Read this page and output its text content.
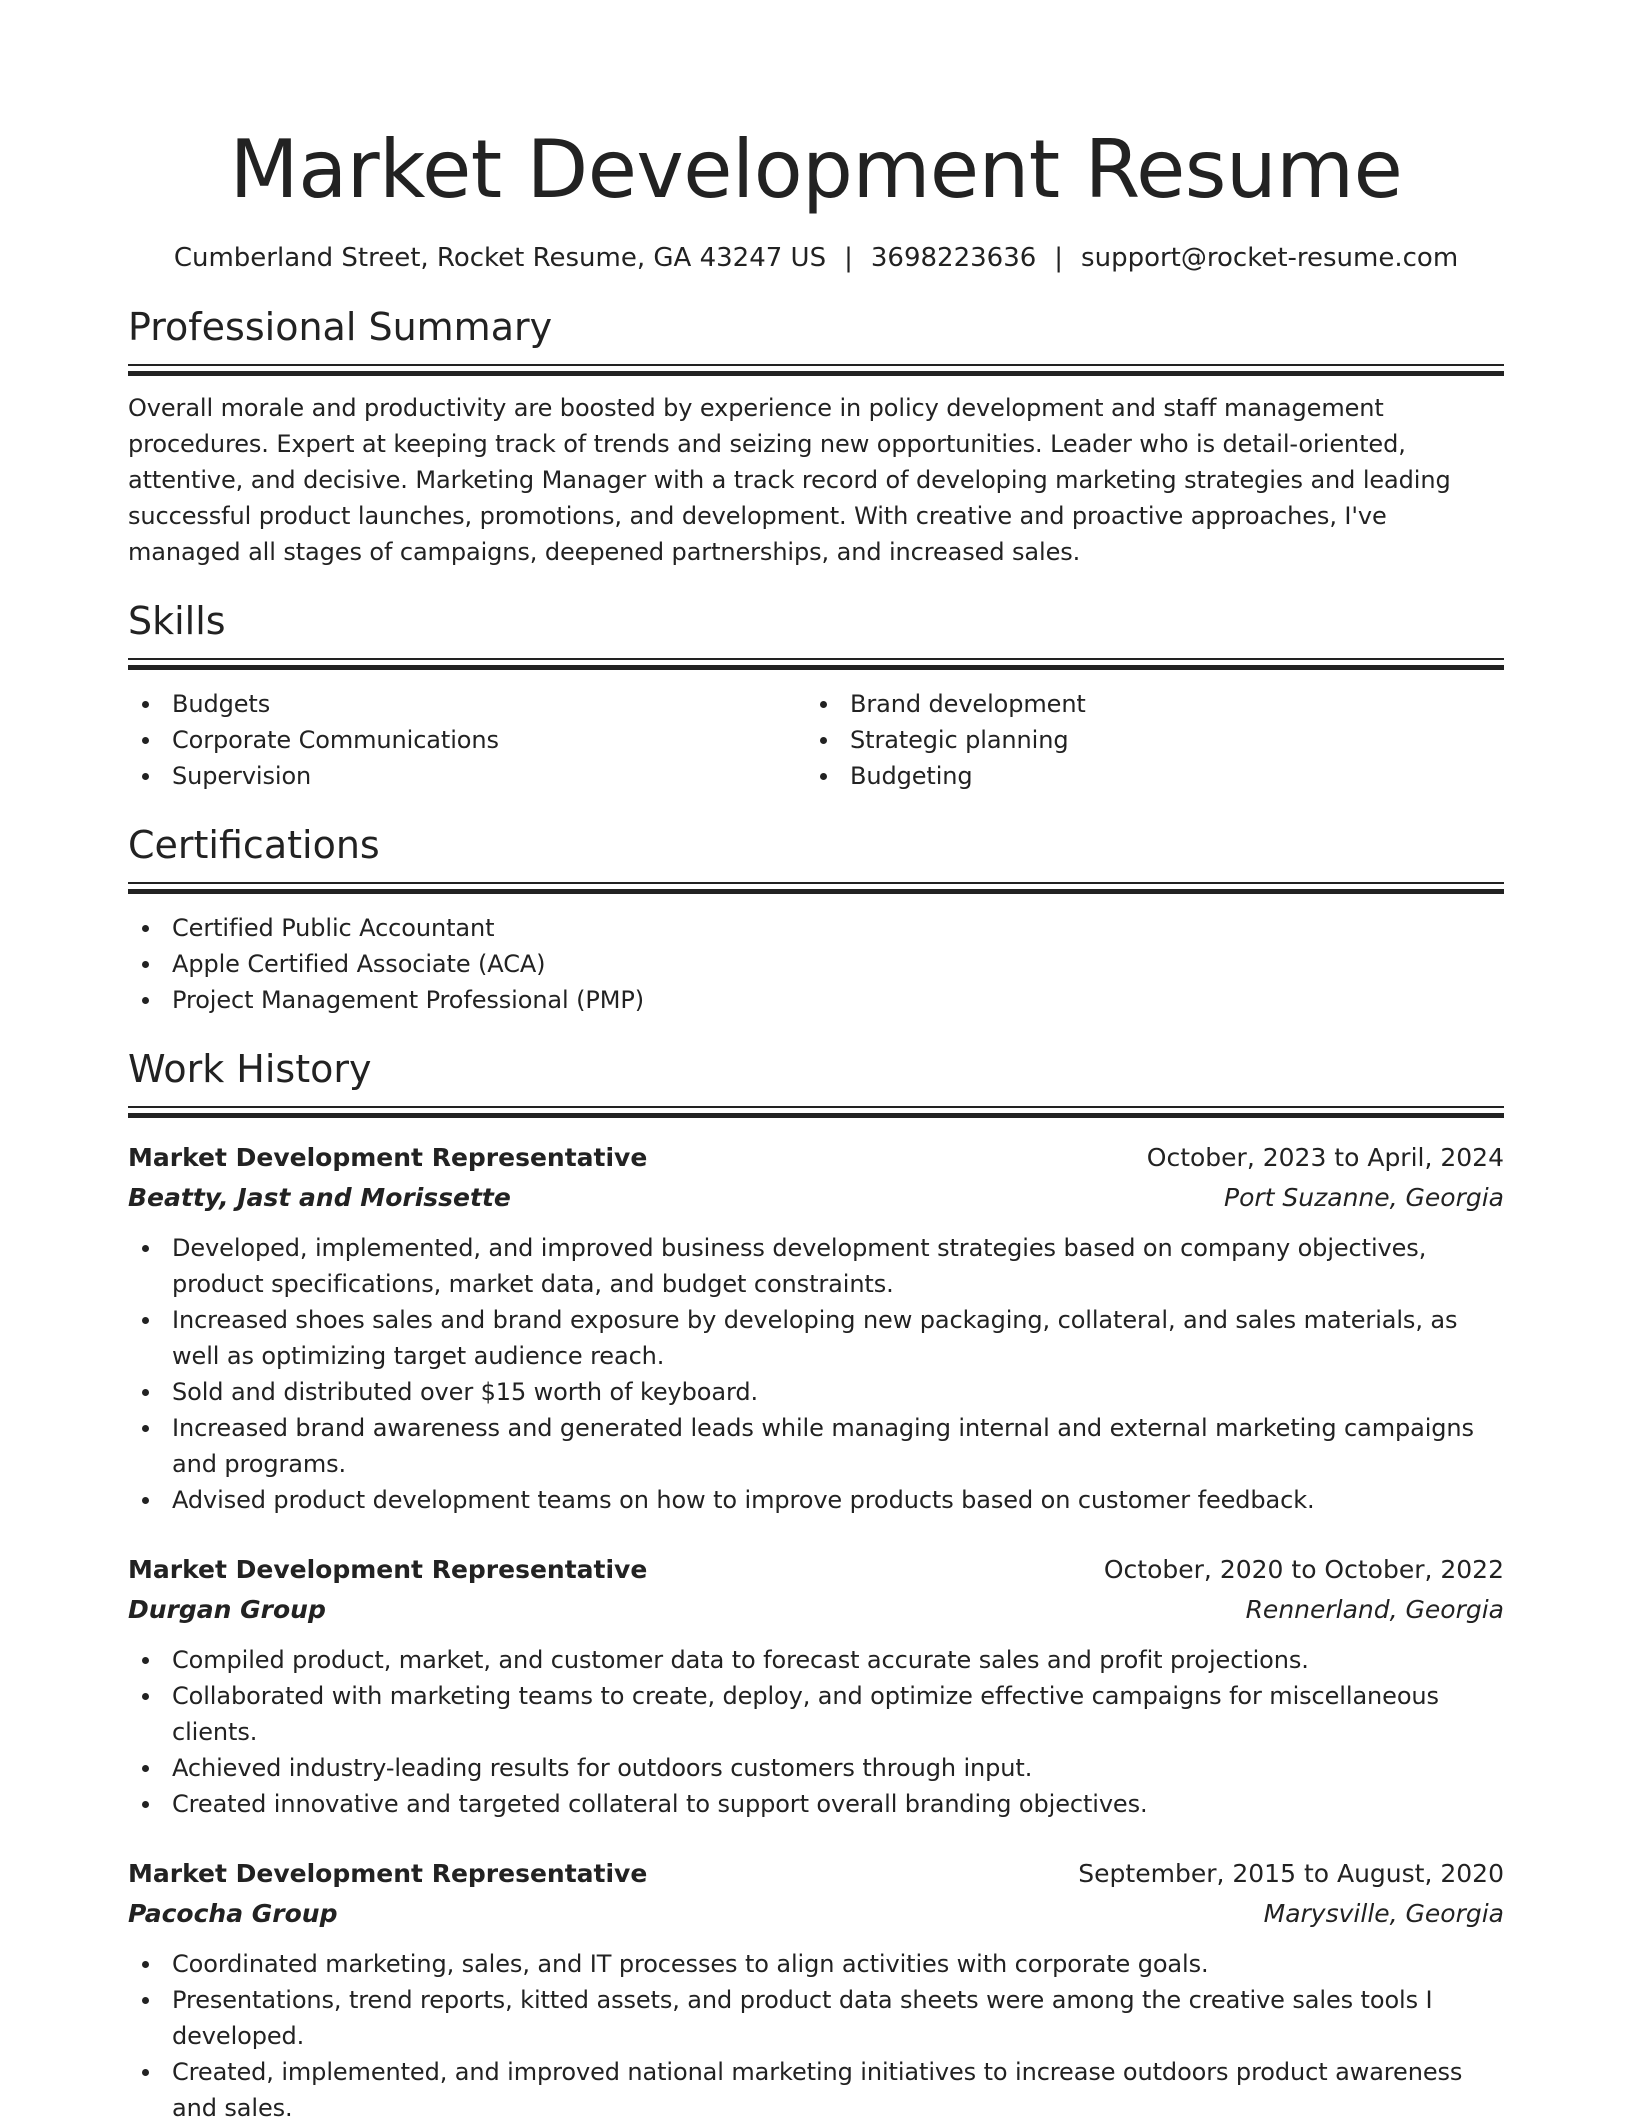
Market Development Resume
Cumberland Street, Rocket Resume, GA 43247 US | 3698223636 | support@rocket-resume.com
Professional Summary
Overall morale and productivity are boosted by experience in policy development and staff management procedures. Expert at keeping track of trends and seizing new opportunities. Leader who is detail-oriented, attentive, and decisive. Marketing Manager with a track record of developing marketing strategies and leading successful product launches, promotions, and development. With creative and proactive approaches, I've managed all stages of campaigns, deepened partnerships, and increased sales.
Skills
Budgets
Corporate Communications
Supervision
Brand development
Strategic planning
Budgeting
Certifications
Certified Public Accountant
Apple Certified Associate (ACA)
Project Management Professional (PMP)
Work History
Market Development Representative	October, 2023 to April, 2024
Beatty, Jast and Morissette	Port Suzanne, Georgia
Developed, implemented, and improved business development strategies based on company objectives, product specifications, market data, and budget constraints.
Increased shoes sales and brand exposure by developing new packaging, collateral, and sales materials, as well as optimizing target audience reach.
Sold and distributed over $15 worth of keyboard.
Increased brand awareness and generated leads while managing internal and external marketing campaigns and programs.
Advised product development teams on how to improve products based on customer feedback.
Market Development Representative	October, 2020 to October, 2022
Durgan Group	Rennerland, Georgia
Compiled product, market, and customer data to forecast accurate sales and profit projections.
Collaborated with marketing teams to create, deploy, and optimize effective campaigns for miscellaneous clients.
Achieved industry-leading results for outdoors customers through input.
Created innovative and targeted collateral to support overall branding objectives.
Market Development Representative	September, 2015 to August, 2020
Pacocha Group	Marysville, Georgia
Coordinated marketing, sales, and IT processes to align activities with corporate goals.
Presentations, trend reports, kitted assets, and product data sheets were among the creative sales tools I developed.
Created, implemented, and improved national marketing initiatives to increase outdoors product awareness and sales.
